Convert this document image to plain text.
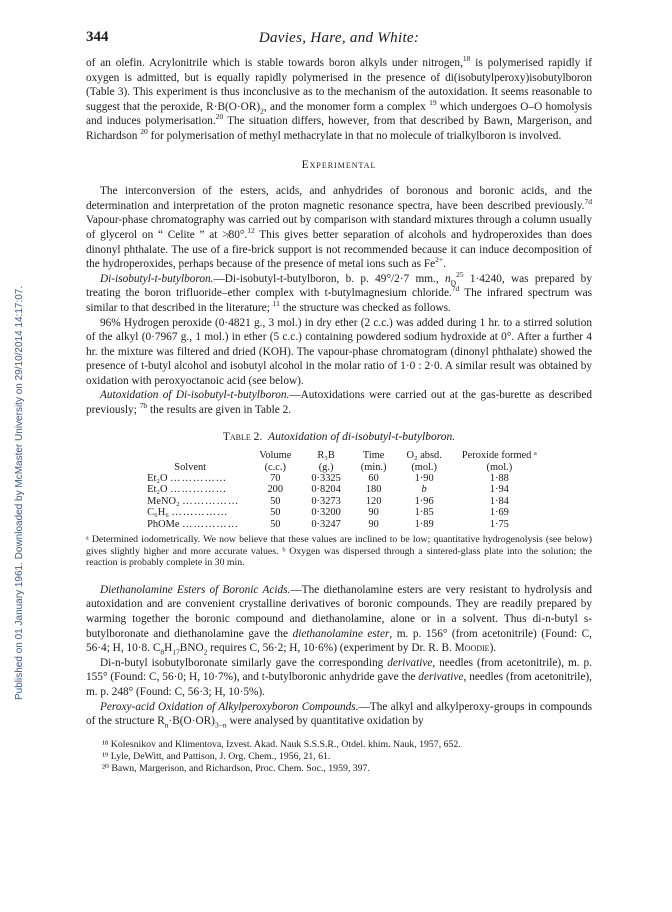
Published on 01 January 1961. Downloaded by McMaster University on 29/10/2014 14:17:07.
344	Davies, Hare, and White:

of an olefin. Acrylonitrile which is stable towards boron alkyls under nitrogen,$^{18}$ is polymerised rapidly if oxygen is admitted, but is equally rapidly polymerised in the presence of di(isobutylperoxy)isobutylboron (Table 3). This experiment is thus inconclusive as to the mechanism of the autoxidation. It seems reasonable to suggest that the peroxide, $R\cdot B(O\cdot OR)_2$, and the monomer form a complex $^{19}$ which undergoes O–O homolysis and induces polymerisation.$^{20}$ The situation differs, however, from that described by Bawn, Margerison, and Richardson $^{20}$ for polymerisation of methyl methacrylate in that no molecule of trialkylboron is involved.

Experimental

The interconversion of the esters, acids, and anhydrides of boronous and boronic acids, and the determination and interpretation of the proton magnetic resonance spectra, have been described previously.$^{7d}$ Vapour-phase chromatography was carried out by comparison with standard mixtures through a column usually of glycerol on “ Celite ” at ≯80°.$^{12}$ This gives better separation of alcohols and hydroperoxides than does dinonyl phthalate. The use of a fire-brick support is not recommended because it can induce decomposition of the hydroperoxides, perhaps because of the presence of metal ions such as $Fe^{2+}$.

Di-isobutyl-t-butylboron.—Di-isobutyl-t-butylboron, b. p. 49°/2·7 mm., $n_D^{25}$ 1·4240, was prepared by treating the boron trifluoride–ether complex with t-butylmagnesium chloride.$^{7d}$ The infrared spectrum was similar to that described in the literature; $^{11}$ the structure was checked as follows.

96% Hydrogen peroxide (0·4821 g., 3 mol.) in dry ether (2 c.c.) was added during 1 hr. to a stirred solution of the alkyl (0·7967 g., 1 mol.) in ether (5 c.c.) containing powdered sodium hydroxide at 0°. After a further 4 hr. the mixture was filtered and dried (KOH). The vapour-phase chromatogram (dinonyl phthalate) showed the presence of t-butyl alcohol and isobutyl alcohol in the molar ratio of 1·0 : 2·0. A similar result was obtained by oxidation with peroxyoctanoic acid (see below).

Autoxidation of Di-isobutyl-t-butylboron.—Autoxidations were carried out at the gas-burette as described previously; $^{7b}$ the results are given in Table 2.

Table 2. Autoxidation of di-isobutyl-t-butylboron.
Solvent	Volume	R₃B	Time	O₂ absd.	Peroxide formed ᵃ
	(c.c.)	(g.)	(min.)	(mol.)	(mol.)
Et₂O ……………	70	0·3325	60	1·90	1·88
Et₂O ……………	200	0·8204	180	b	1·94
MeNO₂ ……………	50	0·3273	120	1·96	1·84
C₆H₆ ……………	50	0·3200	90	1·85	1·69
PhOMe ……………	50	0·3247	90	1·89	1·75
ᵃ Determined iodometrically. We now believe that these values are inclined to be low; quantitative hydrogenolysis (see below) gives slightly higher and more accurate values. ᵇ Oxygen was dispersed through a sintered-glass plate into the solution; the reaction is probably complete in 30 min.

Diethanolamine Esters of Boronic Acids.—The diethanolamine esters are very resistant to hydrolysis and autoxidation and are convenient crystalline derivatives of boronic compounds. They are readily prepared by warming together the boronic compound and diethanolamine, alone or in a solvent. Thus di-n-butyl s-butylboronate and diethanolamine gave the diethanolamine ester, m. p. 156° (from acetonitrile) (Found: C, 56·4; H, 10·8. $C_8H_{17}BNO_2$ requires C, 56·2; H, 10·6%) (experiment by Dr. R. B. Moodie).

Di-n-butyl isobutylboronate similarly gave the corresponding derivative, needles (from acetonitrile), m. p. 155° (Found: C, 56·0; H, 10·7%), and t-butylboronic anhydride gave the derivative, needles (from acetonitrile), m. p. 248° (Found: C, 56·3; H, 10·5%).

Peroxy-acid Oxidation of Alkylperoxyboron Compounds.—The alkyl and alkylperoxy-groups in compounds of the structure $R_n\cdot B(O\cdot OR)_{3-n}$ were analysed by quantitative oxidation by

¹⁸ Kolesnikov and Klimentova, Izvest. Akad. Nauk S.S.S.R., Otdel. khim. Nauk, 1957, 652.
¹⁹ Lyle, DeWitt, and Pattison, J. Org. Chem., 1956, 21, 61.
²⁰ Bawn, Margerison, and Richardson, Proc. Chem. Soc., 1959, 397.
